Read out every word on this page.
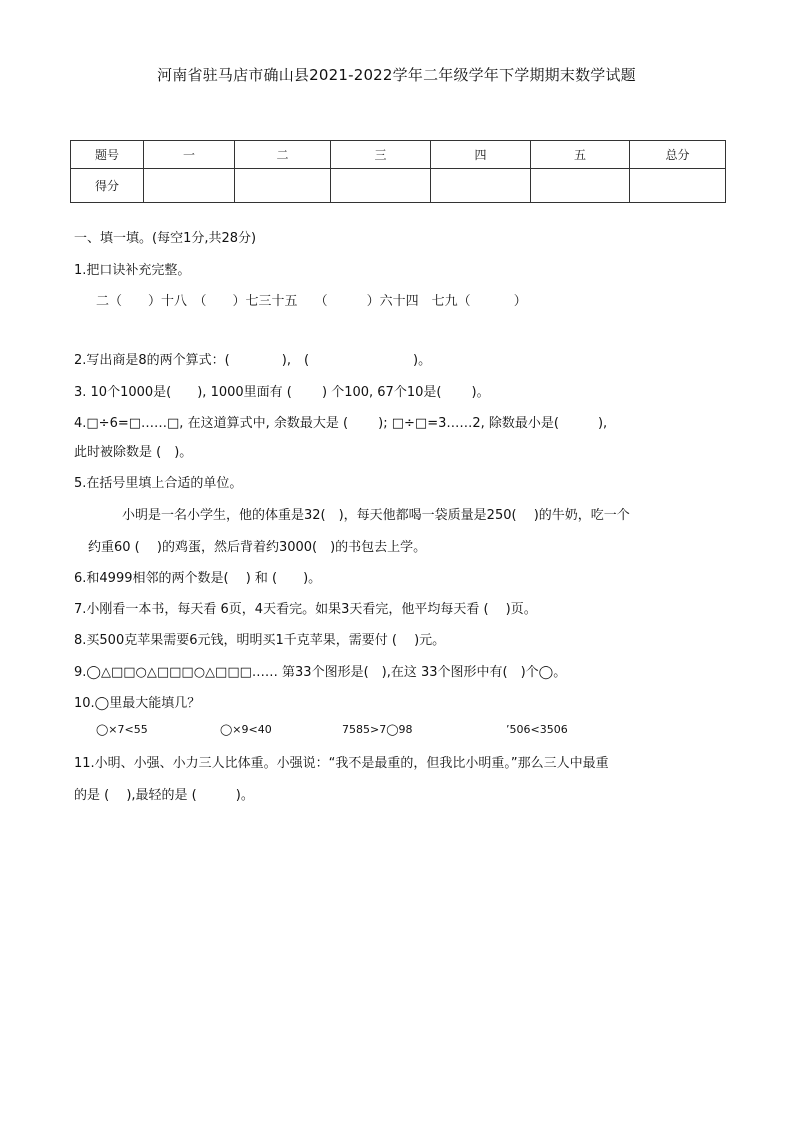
河南省驻马店市确山县2021-2022学年二年级学年下学期期末数学试题
题号	一	二	三	四	五	总分
得分						
一、填一填。(每空1分,共28分)
1.把口诀补充完整。
二（　　）十八　（　　）七三十五　 （　　　）六十四　七九（　　　 ）
2.写出商是8的两个算式：(　　　　),　(　　　　　　　　)。
3. 10个1000是(　　), 1000里面有 (　　 ) 个100, 67个10是(　　 )。
4.□÷6=□……□, 在这道算式中, 余数最大是 (　　 ); □÷□=3……2, 除数最小是(　　　),
此时被除数是 (　)。
5.在括号里填上合适的单位。
小明是一名小学生，他的体重是32(　)，每天他都喝一袋质量是250(　 )的牛奶，吃一个
约重60 (　 )的鸡蛋，然后背着约3000(　)的书包去上学。
6.和4999相邻的两个数是(　 ) 和 (　　)。
7.小刚看一本书，每天看 6页，4天看完。如果3天看完，他平均每天看 (　 )页。
8.买500克苹果需要6元钱，明明买1千克苹果，需要付 (　 )元。
9.◯△□□○△□□□○△□□□…… 第33个图形是(　),在这 33个图形中有(　)个◯。
10.◯里最大能填几？
◯×7<55	◯×9<40	7585>7◯98	’506<3506
11.小明、小强、小力三人比体重。小强说：“我不是最重的，但我比小明重。”那么三人中最重
的是 (　 ),最轻的是 (　　　)。
